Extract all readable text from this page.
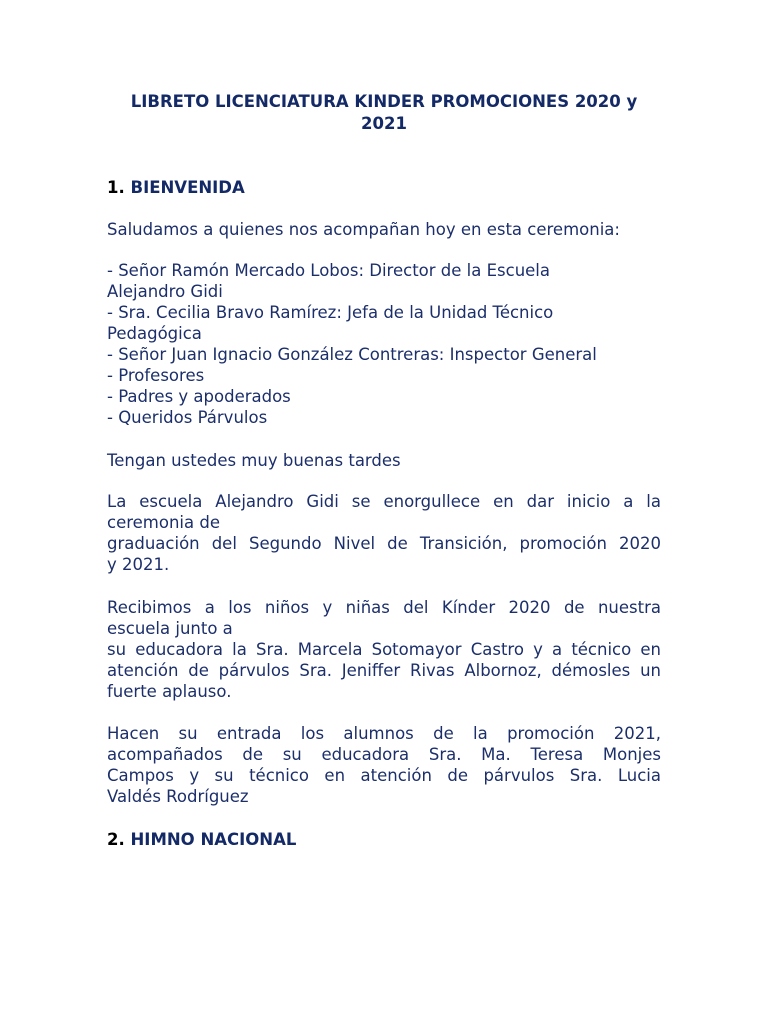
LIBRETO LICENCIATURA KINDER PROMOCIONES 2020 y 2021
1. BIENVENIDA

Saludamos a quienes nos acompañan hoy en esta ceremonia:

- Señor Ramón Mercado Lobos: Director de la Escuela Alejandro Gidi
- Sra. Cecilia Bravo Ramírez: Jefa de la Unidad Técnico Pedagógica
- Señor Juan Ignacio González Contreras: Inspector General
- Profesores
- Padres y apoderados
- Queridos Párvulos

Tengan ustedes muy buenas tardes

La escuela Alejandro Gidi se enorgullece en dar inicio a la
ceremonia de
graduación del Segundo Nivel de Transición, promoción 2020
y 2021.

Recibimos a los niños y niñas del Kínder 2020 de nuestra
escuela junto a
su educadora la Sra. Marcela Sotomayor Castro y a técnico en
atención de párvulos Sra. Jeniffer Rivas Albornoz, démosles un
fuerte aplauso.

Hacen su entrada los alumnos de la promoción 2021,
acompañados de su educadora Sra. Ma. Teresa Monjes
Campos y su técnico en atención de párvulos Sra. Lucia
Valdés Rodríguez

2. HIMNO NACIONAL
